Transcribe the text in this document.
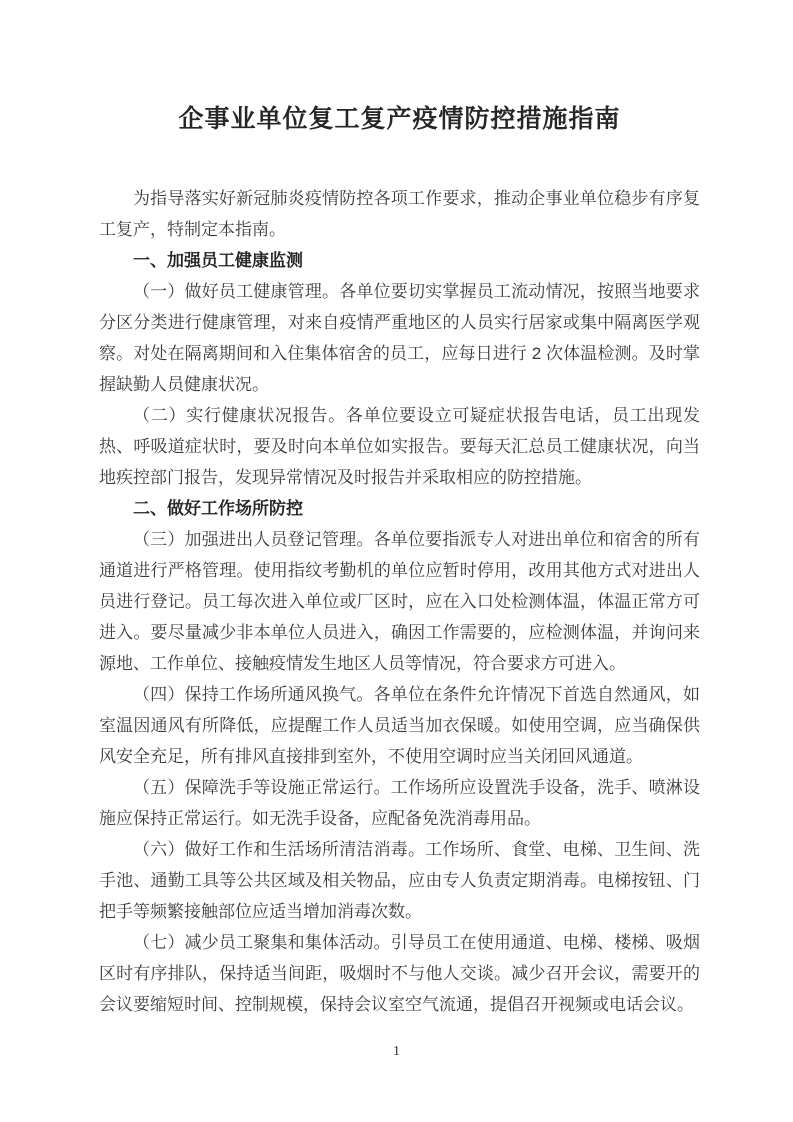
企事业单位复工复产疫情防控措施指南

为指导落实好新冠肺炎疫情防控各项工作要求，推动企事业单位稳步有序复工复产，特制定本指南。

一、加强员工健康监测

（一）做好员工健康管理。各单位要切实掌握员工流动情况，按照当地要求分区分类进行健康管理，对来自疫情严重地区的人员实行居家或集中隔离医学观察。对处在隔离期间和入住集体宿舍的员工，应每日进行 2 次体温检测。及时掌握缺勤人员健康状况。

（二）实行健康状况报告。各单位要设立可疑症状报告电话，员工出现发热、呼吸道症状时，要及时向本单位如实报告。要每天汇总员工健康状况，向当地疾控部门报告，发现异常情况及时报告并采取相应的防控措施。

二、做好工作场所防控

（三）加强进出人员登记管理。各单位要指派专人对进出单位和宿舍的所有通道进行严格管理。使用指纹考勤机的单位应暂时停用，改用其他方式对进出人员进行登记。员工每次进入单位或厂区时，应在入口处检测体温，体温正常方可进入。要尽量减少非本单位人员进入，确因工作需要的，应检测体温，并询问来源地、工作单位、接触疫情发生地区人员等情况，符合要求方可进入。

（四）保持工作场所通风换气。各单位在条件允许情况下首选自然通风，如室温因通风有所降低，应提醒工作人员适当加衣保暖。如使用空调，应当确保供风安全充足，所有排风直接排到室外，不使用空调时应当关闭回风通道。

（五）保障洗手等设施正常运行。工作场所应设置洗手设备，洗手、喷淋设施应保持正常运行。如无洗手设备，应配备免洗消毒用品。

（六）做好工作和生活场所清洁消毒。工作场所、食堂、电梯、卫生间、洗手池、通勤工具等公共区域及相关物品，应由专人负责定期消毒。电梯按钮、门把手等频繁接触部位应适当增加消毒次数。

（七）减少员工聚集和集体活动。引导员工在使用通道、电梯、楼梯、吸烟区时有序排队，保持适当间距，吸烟时不与他人交谈。减少召开会议，需要开的会议要缩短时间、控制规模，保持会议室空气流通，提倡召开视频或电话会议。

1
